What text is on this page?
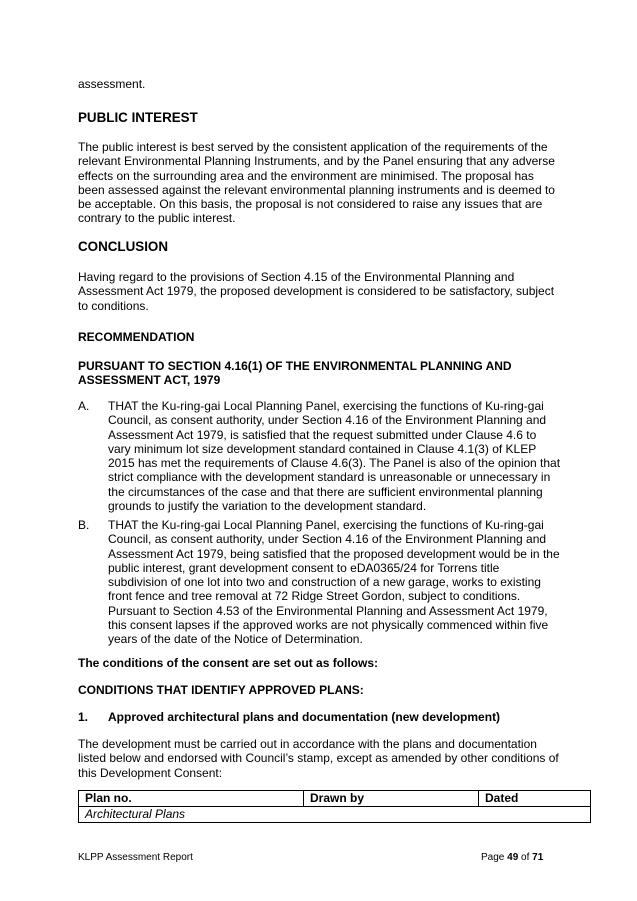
assessment.

PUBLIC INTEREST

The public interest is best served by the consistent application of the requirements of the relevant Environmental Planning Instruments, and by the Panel ensuring that any adverse effects on the surrounding area and the environment are minimised. The proposal has been assessed against the relevant environmental planning instruments and is deemed to be acceptable. On this basis, the proposal is not considered to raise any issues that are contrary to the public interest.

CONCLUSION

Having regard to the provisions of Section 4.15 of the Environmental Planning and Assessment Act 1979, the proposed development is considered to be satisfactory, subject to conditions.

RECOMMENDATION
PURSUANT TO SECTION 4.16(1) OF THE ENVIRONMENTAL PLANNING AND ASSESSMENT ACT, 1979
A. THAT the Ku-ring-gai Local Planning Panel, exercising the functions of Ku-ring-gai Council, as consent authority, under Section 4.16 of the Environment Planning and Assessment Act 1979, is satisfied that the request submitted under Clause 4.6 to vary minimum lot size development standard contained in Clause 4.1(3) of KLEP 2015 has met the requirements of Clause 4.6(3). The Panel is also of the opinion that strict compliance with the development standard is unreasonable or unnecessary in the circumstances of the case and that there are sufficient environmental planning grounds to justify the variation to the development standard.
B. THAT the Ku-ring-gai Local Planning Panel, exercising the functions of Ku-ring-gai Council, as consent authority, under Section 4.16 of the Environment Planning and Assessment Act 1979, being satisfied that the proposed development would be in the public interest, grant development consent to eDA0365/24 for Torrens title subdivision of one lot into two and construction of a new garage, works to existing front fence and tree removal at 72 Ridge Street Gordon, subject to conditions. Pursuant to Section 4.53 of the Environmental Planning and Assessment Act 1979, this consent lapses if the approved works are not physically commenced within five years of the date of the Notice of Determination.

The conditions of the consent are set out as follows:

CONDITIONS THAT IDENTIFY APPROVED PLANS:

1. Approved architectural plans and documentation (new development)

The development must be carried out in accordance with the plans and documentation listed below and endorsed with Council’s stamp, except as amended by other conditions of this Development Consent:

Plan no.	Drawn by	Dated
Architectural Plans		
KLPP Assessment Report	Page 49 of 71
